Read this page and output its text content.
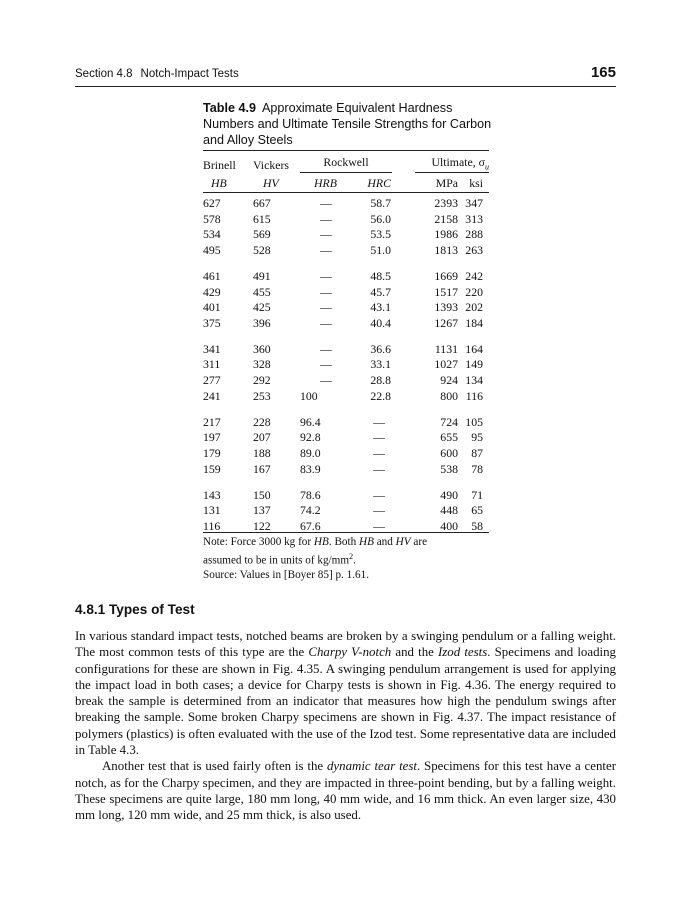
Section 4.8 Notch-Impact Tests	165
Table 4.9 Approximate Equivalent Hardness Numbers and Ultimate Tensile Strengths for Carbon and Alloy Steels
Brinell Vickers	Rockwell	Ultimate, $\sigma_u$
HB	HV	HRB	HRC	MPa ksi
627	667	—	58.7	2393 347
578	615	—	56.0	2158 313
534	569	—	53.5	1986 288
495	528	—	51.0	1813 263
461	491	—	48.5	1669 242
429	455	—	45.7	1517 220
401	425	—	43.1	1393 202
375	396	—	40.4	1267 184
341	360	—	36.6	1131 164
311	328	—	33.1	1027 149
277	292	—	28.8	924 134
241	253	100	22.8	800 116
217	228	96.4	—	724 105
197	207	92.8	—	655	95
179	188	89.0	—	600	87
159	167	83.9	—	538	78
143	150	78.6	—	490	71
131	137	74.2	—	448	65
116	122	67.6	—	400	58
Note: Force 3000 kg for HB. Both HB and HV are
assumed to be in units of $kg/mm^2$.
Source: Values in [Boyer 85] p. 1.61.
4.8.1 Types of Test

In various standard impact tests, notched beams are broken by a swinging pendulum or a falling weight. The most common tests of this type are the Charpy V-notch and the Izod tests. Specimens and loading configurations for these are shown in Fig. 4.35. A swinging pendulum arrangement is used for applying the impact load in both cases; a device for Charpy tests is shown in Fig. 4.36. The energy required to break the sample is determined from an indicator that measures how high the pendulum swings after breaking the sample. Some broken Charpy specimens are shown in Fig. 4.37. The impact resistance of polymers (plastics) is often evaluated with the use of the Izod test. Some representative data are included in Table 4.3.

Another test that is used fairly often is the dynamic tear test. Specimens for this test have a center notch, as for the Charpy specimen, and they are impacted in three-point bending, but by a falling weight. These specimens are quite large, 180 mm long, 40 mm wide, and 16 mm thick. An even larger size, 430 mm long, 120 mm wide, and 25 mm thick, is also used.
